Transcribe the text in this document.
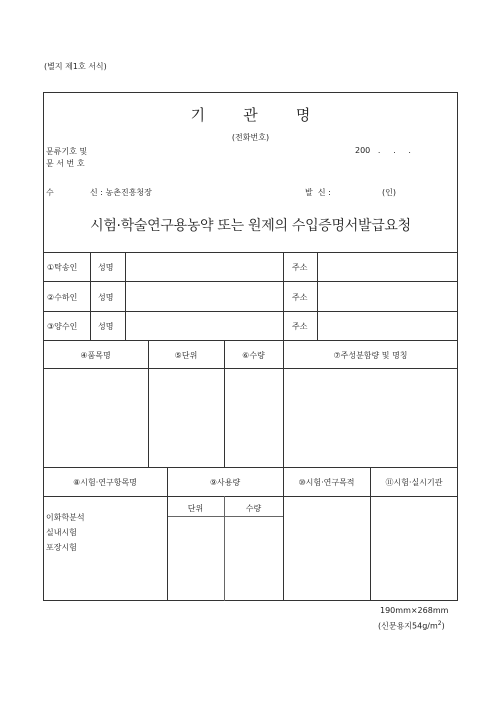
(별지 제1호 서식)
기        관        명
(전화번호)
문류기호 및
문 서 번 호
200   .     .     .
수	신 : 농촌진흥청장	발  신 :	(인)
시험·학술연구용농약 또는 원제의 수입증명서발급요청
①탁송인	성명	주소
②수하인	성명	주소
③양수인	성명	주소
④품목명	⑤단위	⑥수량	⑦주성분함량 및 명칭
⑧시험·연구항목명	⑨사용량	⑩시험·연구목적	⑪시험·실시기관
단위	수량
이화학분석
실내시험
포장시험
190mm×268mm
(신문용지$54g/m^2$)
